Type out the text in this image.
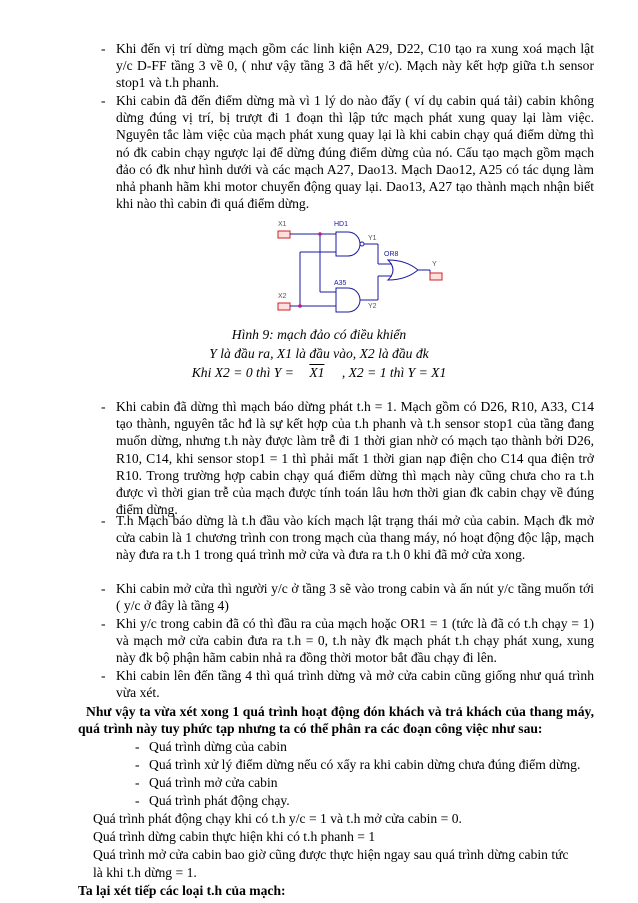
- Khi đến vị trí dừng mạch gồm các linh kiện A29, D22, C10 tạo ra xung xoá mạch lật y/c D-FF tầng 3 về 0, ( như vậy tầng 3 đã hết y/c). Mạch này kết hợp giữa t.h sensor stop1 và t.h phanh.
- Khi cabin đã đến điểm dừng mà vì 1 lý do nào đấy ( ví dụ cabin quá tải) cabin không dừng đúng vị trí, bị trượt đi 1 đoạn thì lập tức mạch phát xung quay lại làm việc. Nguyên tắc làm việc của mạch phát xung quay lại là khi cabin chạy quá điểm dừng thì nó đk cabin chạy ngược lại để dừng đúng điểm dừng của nó. Cấu tạo mạch gồm mạch đảo có đk như hình dưới và các mạch A27, Dao13. Mạch Dao12, A25 có tác dụng làm nhả phanh hãm khi motor chuyển động quay lại. Dao13, A27 tạo thành mạch nhận biết khi nào thì cabin đi quá điểm dừng.
X1
X2
HD1
A35
OR8
Y1
Y2
Y
Hình 9: mạch đảo có điều khiển
Y là đầu ra, X1 là đầu vào, X2 là đầu đk
Khi X2 = 0 thì Y = X1 , X2 = 1 thì Y = X1
- Khi cabin đã dừng thì mạch báo dừng phát t.h = 1. Mạch gồm có D26, R10, A33, C14 tạo thành, nguyên tắc hđ là sự kết hợp của t.h phanh và t.h sensor stop1 của tầng đang muốn dừng, nhưng t.h này được làm trễ đi 1 thời gian nhờ có mạch tạo thành bởi D26, R10, C14, khi sensor stop1 = 1 thì phải mất 1 thời gian nạp điện cho C14 qua điện trở R10. Trong trường hợp cabin chạy quá điểm dừng thì mạch này cũng chưa cho ra t.h được vì thời gian trễ của mạch được tính toán lâu hơn thời gian đk cabin chạy về đúng điểm dừng.
- T.h Mạch báo dừng là t.h đầu vào kích mạch lật trạng thái mở của cabin. Mạch đk mở cửa cabin là 1 chương trình con trong mạch của thang máy, nó hoạt động độc lập, mạch này đưa ra t.h 1 trong quá trình mở cửa và đưa ra t.h 0 khi đã mở cửa xong.
- Khi cabin mở cửa thì người y/c ở tầng 3 sẽ vào trong cabin và ấn nút y/c tầng muốn tới ( y/c ở đây là tầng 4)
- Khi y/c trong cabin đã có thì đầu ra của mạch hoặc OR1 = 1 (tức là đã có t.h chạy = 1) và mạch mở cửa cabin đưa ra t.h = 0, t.h này đk mạch phát t.h chạy phát xung, xung này đk bộ phận hãm cabin nhả ra đồng thời motor bắt đầu chạy đi lên.
- Khi cabin lên đến tầng 4 thì quá trình dừng và mở cửa cabin cũng giống như quá trình vừa xét.
Như vậy ta vừa xét xong 1 quá trình hoạt động đón khách và trả khách của thang máy, quá trình này tuy phức tạp nhưng ta có thể phân ra các đoạn công việc như sau:
- Quá trình dừng của cabin
- Quá trình xử lý điểm dừng nếu có xẩy ra khi cabin dừng chưa đúng điểm dừng.
- Quá trình mở cửa cabin
- Quá trình phát động chạy.
Quá trình phát động chạy khi có t.h y/c = 1 và t.h mở cửa cabin = 0.
Quá trình dừng cabin thực hiện khi có t.h phanh = 1
Quá trình mở cửa cabin bao giờ cũng được thực hiện ngay sau quá trình dừng cabin tức
là khi t.h dừng = 1.
Ta lại xét tiếp các loại t.h của mạch:
